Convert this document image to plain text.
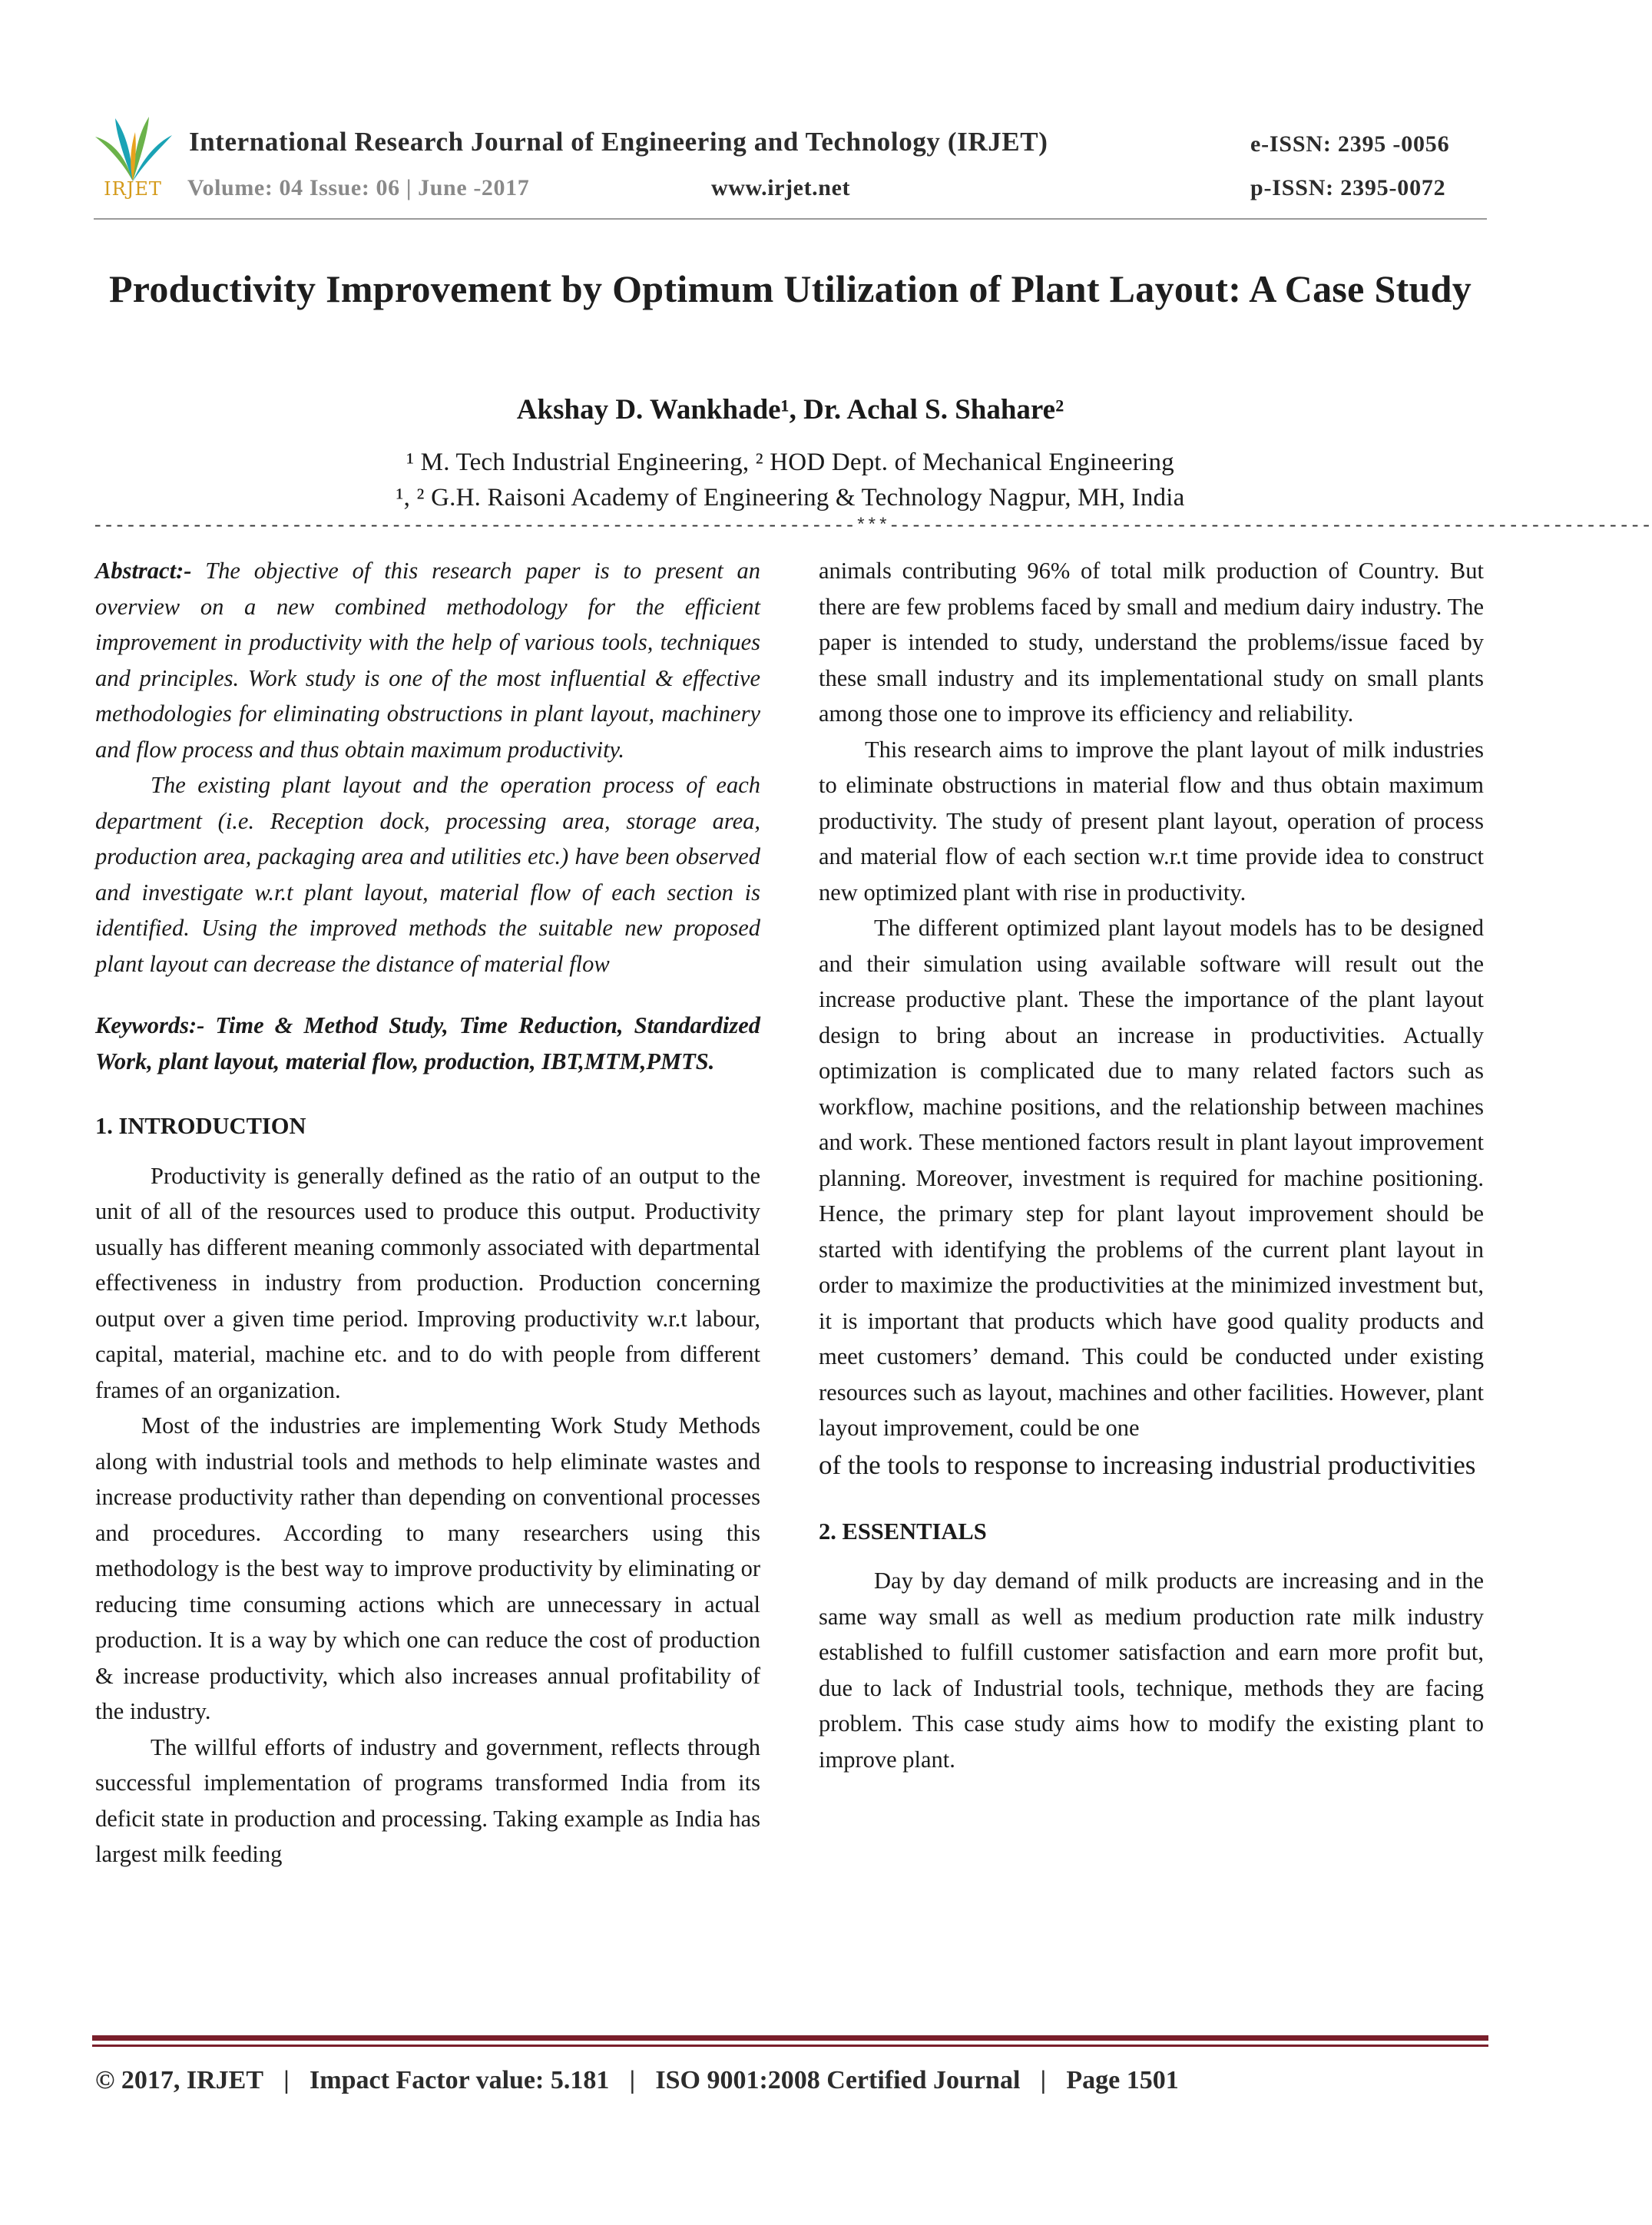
IRJET
International Research Journal of Engineering and Technology (IRJET)	e-ISSN: 2395 -0056
Volume: 04 Issue: 06 | June -2017	www.irjet.net	p-ISSN: 2395-0072
Productivity Improvement by Optimum Utilization of Plant Layout: A Case Study
Akshay D. Wankhade¹, Dr. Achal S. Shahare²
¹ M. Tech Industrial Engineering, ² HOD Dept. of Mechanical Engineering
¹, ² G.H. Raisoni Academy of Engineering & Technology Nagpur, MH, India
---------------------------------------------------------------------***---------------------------------------------------------------------

Abstract:- The objective of this research paper is to present an overview on a new combined methodology for the efficient improvement in productivity with the help of various tools, techniques and principles. Work study is one of the most influential & effective methodologies for eliminating obstructions in plant layout, machinery and flow process and thus obtain maximum productivity.

The existing plant layout and the operation process of each department (i.e. Reception dock, processing area, storage area, production area, packaging area and utilities etc.) have been observed and investigate w.r.t plant layout, material flow of each section is identified. Using the improved methods the suitable new proposed plant layout can decrease the distance of material flow

Keywords:- Time & Method Study, Time Reduction, Standardized Work, plant layout, material flow, production, IBT,MTM,PMTS.

1. INTRODUCTION

Productivity is generally defined as the ratio of an output to the unit of all of the resources used to produce this output. Productivity usually has different meaning commonly associated with departmental effectiveness in industry from production. Production concerning output over a given time period. Improving productivity w.r.t labour, capital, material, machine etc. and to do with people from different frames of an organization.

Most of the industries are implementing Work Study Methods along with industrial tools and methods to help eliminate wastes and increase productivity rather than depending on conventional processes and procedures. According to many researchers using this methodology is the best way to improve productivity by eliminating or reducing time consuming actions which are unnecessary in actual production. It is a way by which one can reduce the cost of production & increase productivity, which also increases annual profitability of the industry.

The willful efforts of industry and government, reflects through successful implementation of programs transformed India from its deficit state in production and processing. Taking example as India has largest milk feeding

animals contributing 96% of total milk production of Country. But there are few problems faced by small and medium dairy industry. The paper is intended to study, understand the problems/issue faced by these small industry and its implementational study on small plants among those one to improve its efficiency and reliability.

This research aims to improve the plant layout of milk industries to eliminate obstructions in material flow and thus obtain maximum productivity. The study of present plant layout, operation of process and material flow of each section w.r.t time provide idea to construct new optimized plant with rise in productivity.

The different optimized plant layout models has to be designed and their simulation using available software will result out the increase productive plant. These the importance of the plant layout design to bring about an increase in productivities. Actually optimization is complicated due to many related factors such as workflow, machine positions, and the relationship between machines and work. These mentioned factors result in plant layout improvement planning. Moreover, investment is required for machine positioning. Hence, the primary step for plant layout improvement should be started with identifying the problems of the current plant layout in order to maximize the productivities at the minimized investment but, it is important that products which have good quality products and meet customers’ demand. This could be conducted under existing resources such as layout, machines and other facilities. However, plant layout improvement, could be one

of the tools to response to increasing industrial productivities

2. ESSENTIALS

Day by day demand of milk products are increasing and in the same way small as well as medium production rate milk industry established to fulfill customer satisfaction and earn more profit but, due to lack of Industrial tools, technique, methods they are facing problem. This case study aims how to modify the existing plant to improve plant.

© 2017, IRJET | Impact Factor value: 5.181 | ISO 9001:2008 Certified Journal | Page 1501
